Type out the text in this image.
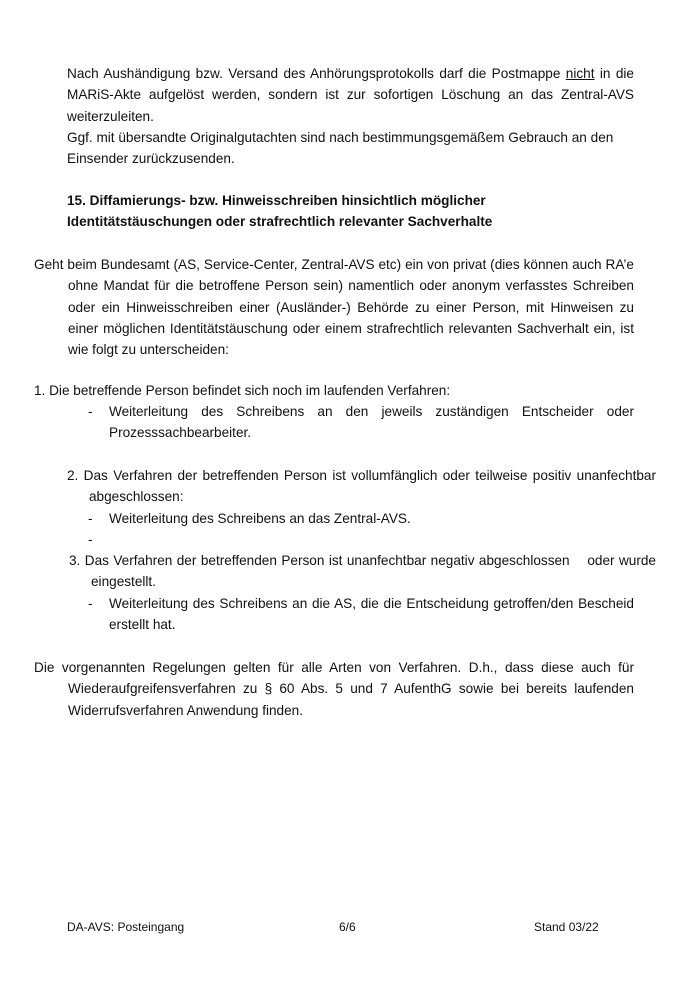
Nach Aushändigung bzw. Versand des Anhörungsprotokolls darf die Postmappe nicht in die MARiS-Akte aufgelöst werden, sondern ist zur sofortigen Löschung an das Zentral-AVS weiterzuleiten.
Ggf. mit übersandte Originalgutachten sind nach bestimmungsgemäßem Gebrauch an den Einsender zurückzusenden.
15. Diffamierungs- bzw. Hinweisschreiben hinsichtlich möglicher
Identitätstäuschungen oder strafrechtlich relevanter Sachverhalte
Geht beim Bundesamt (AS, Service-Center, Zentral-AVS etc) ein von privat (dies können auch RA’e ohne Mandat für die betroffene Person sein) namentlich oder anonym verfasstes Schreiben oder ein Hinweisschreiben einer (Ausländer-) Behörde zu einer Person, mit Hinweisen zu einer möglichen Identitätstäuschung oder einem strafrechtlich relevanten Sachverhalt ein, ist wie folgt zu unterscheiden:
1. Die betreffende Person befindet sich noch im laufenden Verfahren:
- Weiterleitung des Schreibens an den jeweils zuständigen Entscheider oder Prozesssachbearbeiter.
2. Das Verfahren der betreffenden Person ist vollumfänglich oder teilweise positiv unanfechtbar abgeschlossen:
- Weiterleitung des Schreibens an das Zentral-AVS.
-
3. Das Verfahren der betreffenden Person ist unanfechtbar negativ abgeschlossen    oder wurde eingestellt.
- Weiterleitung des Schreibens an die AS, die die Entscheidung getroffen/den Bescheid erstellt hat.
Die vorgenannten Regelungen gelten für alle Arten von Verfahren. D.h., dass diese auch für Wiederaufgreifensverfahren zu § 60 Abs. 5 und 7 AufenthG sowie bei bereits laufenden Widerrufsverfahren Anwendung finden.
DA-AVS: Posteingang	6/6	Stand 03/22
